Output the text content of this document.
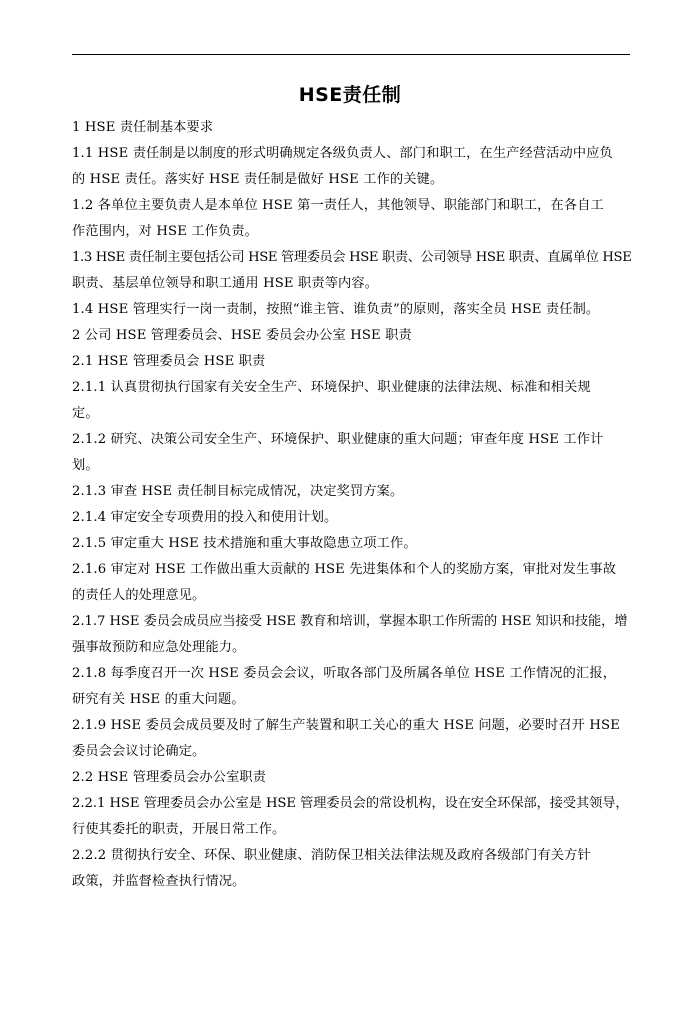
HSE责任制
1 HSE 责任制基本要求
1.1 HSE 责任制是以制度的形式明确规定各级负责人、部门和职工，在生产经营活动中应负
的 HSE 责任。落实好 HSE 责任制是做好 HSE 工作的关键。
1.2 各单位主要负责人是本单位 HSE 第一责任人，其他领导、职能部门和职工，在各自工
作范围内，对 HSE 工作负责。
1.3 HSE 责任制主要包括公司 HSE 管理委员会 HSE 职责、公司领导 HSE 职责、直属单位 HSE
职责、基层单位领导和职工通用 HSE 职责等内容。
1.4 HSE 管理实行一岗一责制，按照“谁主管、谁负责”的原则，落实全员 HSE 责任制。
2 公司 HSE 管理委员会、HSE 委员会办公室 HSE 职责
2.1 HSE 管理委员会 HSE 职责
2.1.1 认真贯彻执行国家有关安全生产、环境保护、职业健康的法律法规、标准和相关规
定。
2.1.2 研究、决策公司安全生产、环境保护、职业健康的重大问题；审查年度 HSE 工作计
划。
2.1.3 审查 HSE 责任制目标完成情况，决定奖罚方案。
2.1.4 审定安全专项费用的投入和使用计划。
2.1.5 审定重大 HSE 技术措施和重大事故隐患立项工作。
2.1.6 审定对 HSE 工作做出重大贡献的 HSE 先进集体和个人的奖励方案，审批对发生事故
的责任人的处理意见。
2.1.7 HSE 委员会成员应当接受 HSE 教育和培训，掌握本职工作所需的 HSE 知识和技能，增
强事故预防和应急处理能力。
2.1.8 每季度召开一次 HSE 委员会会议，听取各部门及所属各单位 HSE 工作情况的汇报，
研究有关 HSE 的重大问题。
2.1.9 HSE 委员会成员要及时了解生产装置和职工关心的重大 HSE 问题，必要时召开 HSE
委员会会议讨论确定。
2.2 HSE 管理委员会办公室职责
2.2.1 HSE 管理委员会办公室是 HSE 管理委员会的常设机构，设在安全环保部，接受其领导，
行使其委托的职责，开展日常工作。
2.2.2 贯彻执行安全、环保、职业健康、消防保卫相关法律法规及政府各级部门有关方针
政策，并监督检查执行情况。
